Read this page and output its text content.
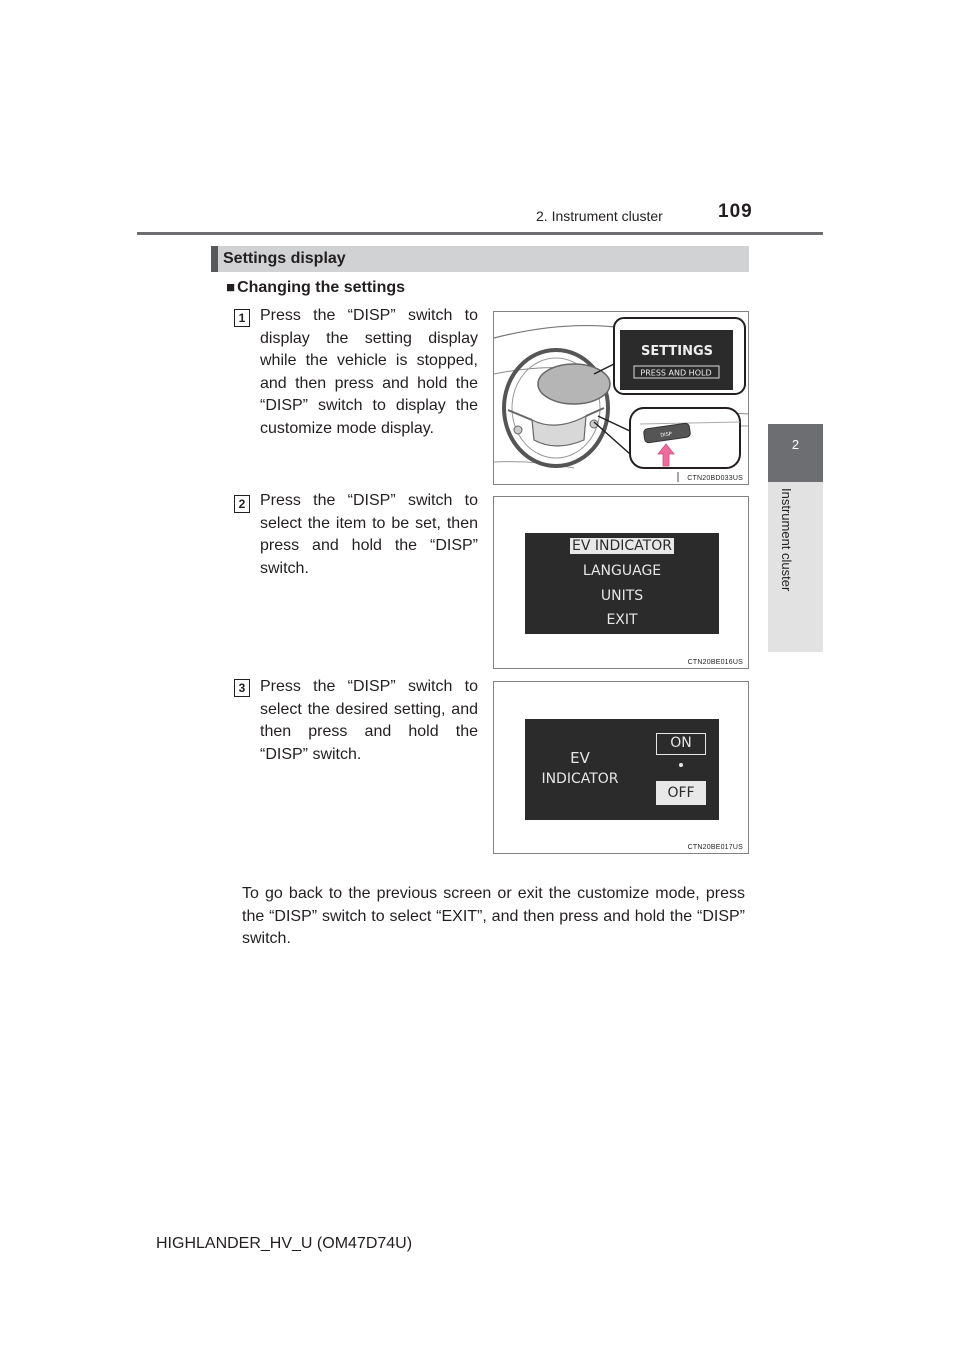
2. Instrument cluster	109
2
Instrument cluster
Settings display
■ Changing the settings
1 Press the “DISP” switch to display the setting display while the vehicle is stopped, and then press and hold the “DISP” switch to display the customize mode display.
SETTINGS
PRESS AND HOLD
DISP
CTN20BD033US
2 Press the “DISP” switch to select the item to be set, then press and hold the “DISP” switch.
EV INDICATOR
LANGUAGE
UNITS
EXIT
CTN20BE016US
3 Press the “DISP” switch to select the desired setting, and then press and hold the “DISP” switch.	EV
INDICATOR
ON
OFF
CTN20BE017US
To go back to the previous screen or exit the customize mode, press the “DISP” switch to select “EXIT”, and then press and hold the “DISP” switch.
HIGHLANDER_HV_U (OM47D74U)
